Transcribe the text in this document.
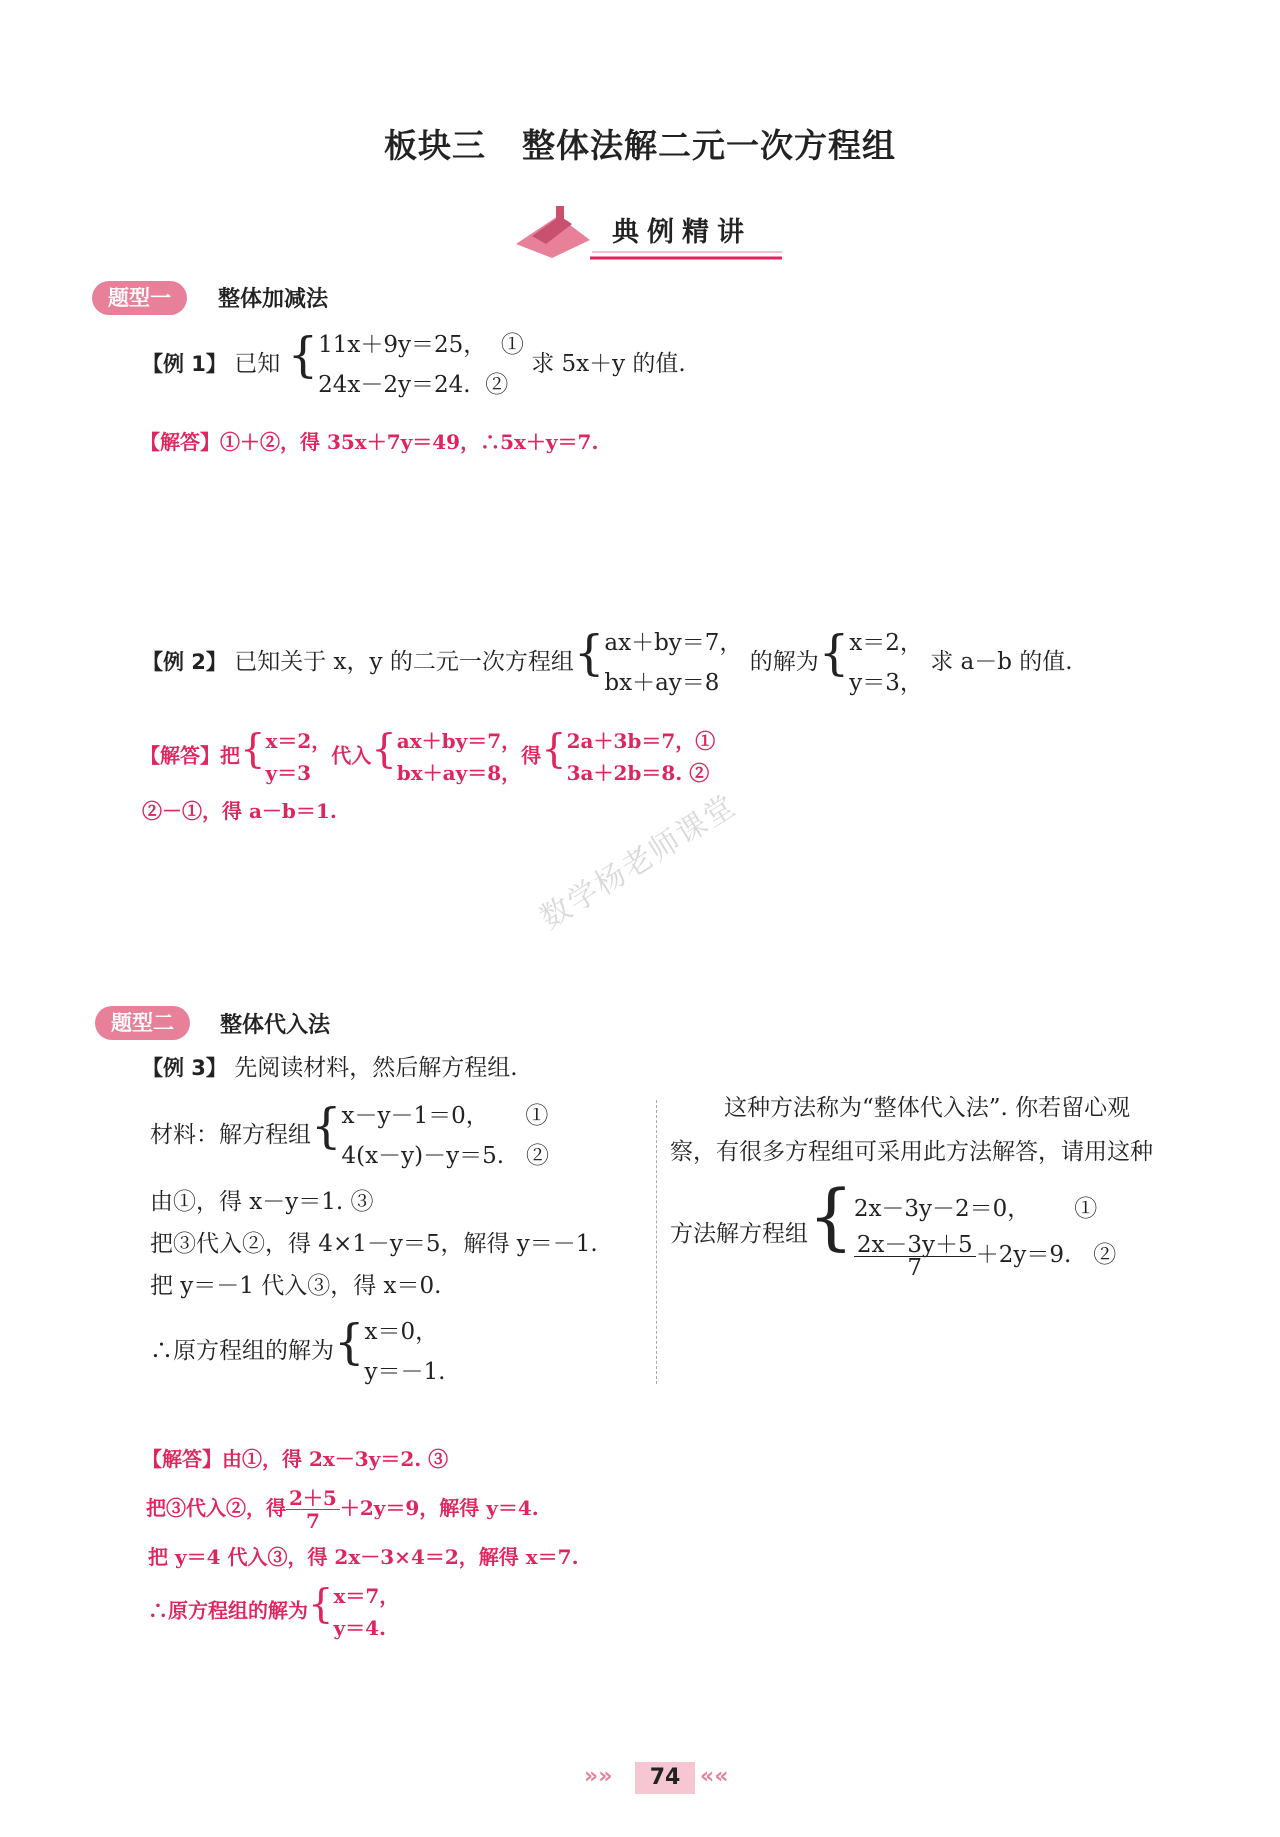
板块三 整体法解二元一次方程组
典例精讲
题型一	整体加减法
【例 1】 已知 { 11x＋9y＝25， ①
24x－2y＝24. ②
求 5x＋y 的值.
【解答】①＋②，得 35x＋7y＝49，∴5x＋y＝7.
【例 2】 已知关于 x，y 的二元一次方程组{ ax＋by＝7，
bx＋ay＝8
的解为{ x＝2，
y＝3，
求 a－b 的值.
【解答】把{ x＝2，
y＝3
代入{ ax＋by＝7，
bx＋ay＝8，
得{ 2a＋3b＝7，①
3a＋2b＝8. ②
②－①，得 a－b＝1.	数学杨老师课堂
题型二	整体代入法
【例 3】 先阅读材料，然后解方程组.
材料：解方程组{ x－y－1＝0， ①
4(x－y)－y＝5. ②
由①，得 x－y＝1. ③
把③代入②，得 4×1－y＝5，解得 y＝－1.
把 y＝－1 代入③，得 x＝0.
∴原方程组的解为{ x＝0，
y＝－1.
这种方法称为“整体代入法”. 你若留心观
察，有很多方程组可采用此方法解答，请用这种
方法解方程组{ 2x－3y－2＝0， ①
$\frac{2x-3y+5}{7} +2y=9$. ②
【解答】由①，得 2x－3y＝2. ③
把③代入②，得 $\frac{2+5}{7} +2y=9$，解得 y＝4.
把 y＝4 代入③，得 2x－3×4＝2，解得 x＝7.
∴原方程组的解为{ x＝7，
y＝4.
»»	74 ««
